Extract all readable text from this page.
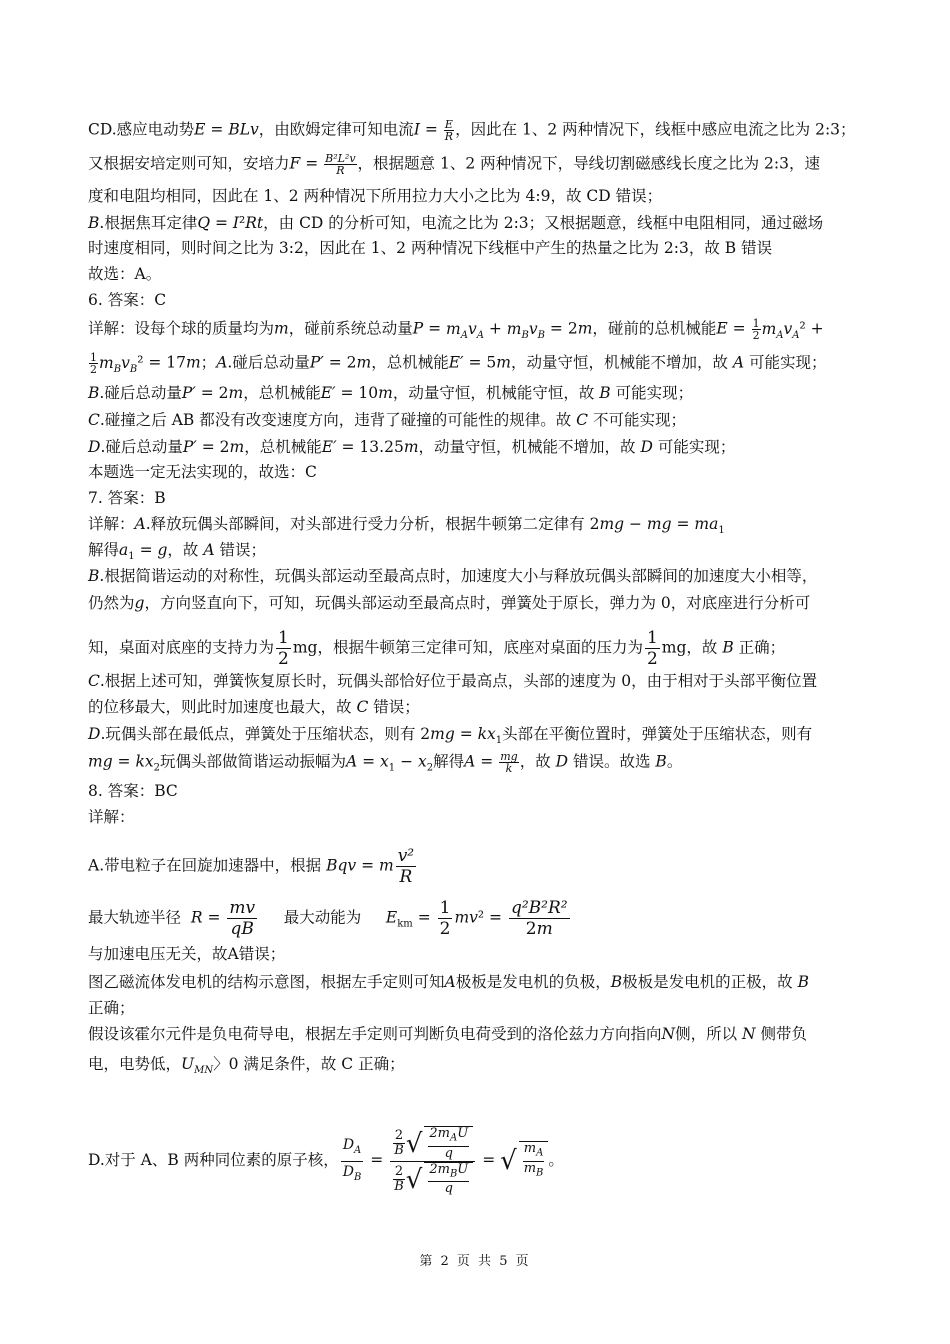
CD.感应电动势E = BLv，由欧姆定律可知电流$I = \frac{E}{R}$ ，因此在 1、2 两种情况下，线框中感应电流之比为 2:3；
又根据安培定则可知，安培力$F = \frac{\text{B²L²v}}{R}$ ，根据题意 1、2 两种情况下，导线切割磁感线长度之比为 2:3，速
度和电阻均相同，因此在 1、2 两种情况下所用拉力大小之比为 4:9，故 CD 错误；
B.根据焦耳定律Q = I²Rt，由 CD 的分析可知，电流之比为 2:3；又根据题意，线框中电阻相同，通过磁场
时速度相同，则时间之比为 3:2，因此在 1、2 两种情况下线框中产生的热量之比为 2:3，故 B 错误
故选：A。
6. 答案：C
详解：设每个球的质量均为m，碰前系统总动量$P = m_Av_A + m_Bv_B = 2m$，碰前的总机械能$E = \frac{1}{2} m_Av_A^2$ +
$\frac{1}{2} m_Bv_B^2 = 17m$；A.碰后总动量P′ = 2m，总机械能E′ = 5m，动量守恒，机械能不增加，故 A 可能实现；
B.碰后总动量P′ = 2m，总机械能E′ = 10m，动量守恒，机械能守恒，故 B 可能实现；
C.碰撞之后 AB 都没有改变速度方向，违背了碰撞的可能性的规律。故 C 不可能实现；
D.碰后总动量P′ = 2m，总机械能E′ = 13.25m，动量守恒，机械能不增加，故 D 可能实现；
本题选一定无法实现的，故选：C
7. 答案：B
详解：A.释放玩偶头部瞬间，对头部进行受力分析，根据牛顿第二定律有 2mg − mg = $ma_1$
解得$a_1 = g$，故 A 错误；
B.根据简谐运动的对称性，玩偶头部运动至最高点时，加速度大小与释放玩偶头部瞬间的加速度大小相等，
仍然为g，方向竖直向下，可知，玩偶头部运动至最高点时，弹簧处于原长，弹力为 0，对底座进行分析可
知，桌面对底座的支持力为 $\frac{1}{2}$ mg，根据牛顿第三定律可知，底座对桌面的压力为 $\frac{1}{2}$ mg，故 B 正确；
C.根据上述可知，弹簧恢复原长时，玩偶头部恰好位于最高点，头部的速度为 0，由于相对于头部平衡位置
的位移最大，则此时加速度也最大，故 C 错误；
D.玩偶头部在最低点，弹簧处于压缩状态，则有 $2mg = kx_1$头部在平衡位置时，弹簧处于压缩状态，则有
mg = $kx_2$玩偶头部做简谐运动振幅为$A = x_1 - x_2$解得$A = \frac{mg}{k}$ ，故 D 错误。故选 B。
8. 答案：BC
详解：
A.带电粒子在回旋加速器中，根据 Bqv = m $\frac{\text{v²}}{R}$
最大轨迹半径  $R = \frac{mv}{qB}$ 最大动能为     $E_{km} = \frac{1}{2} mv^2 = \frac{\text{q²B²R²}}{2m}$
与加速电压无关，故A错误；
图乙磁流体发电机的结构示意图，根据左手定则可知A极板是发电机的负极，B极板是发电机的正极，故 B
正确；
假设该霍尔元件是负电荷导电，根据左手定则可判断负电荷受到的洛伦兹力方向指向N侧，所以 N 侧带负
电，电势低，$U_{MN}$〉0 满足条件，故 C 正确；
D.对于 A、B 两种同位素的原子核， $\frac{D_A}{D_B}$ =
$\frac{2}{B}$ √ $\frac{2m_AU}{q}$
$\frac{2}{B}$ √ $\frac{2m_BU}{q}$
= √ $\frac{m_A}{m_B}$ 。
第 2 页 共 5 页
